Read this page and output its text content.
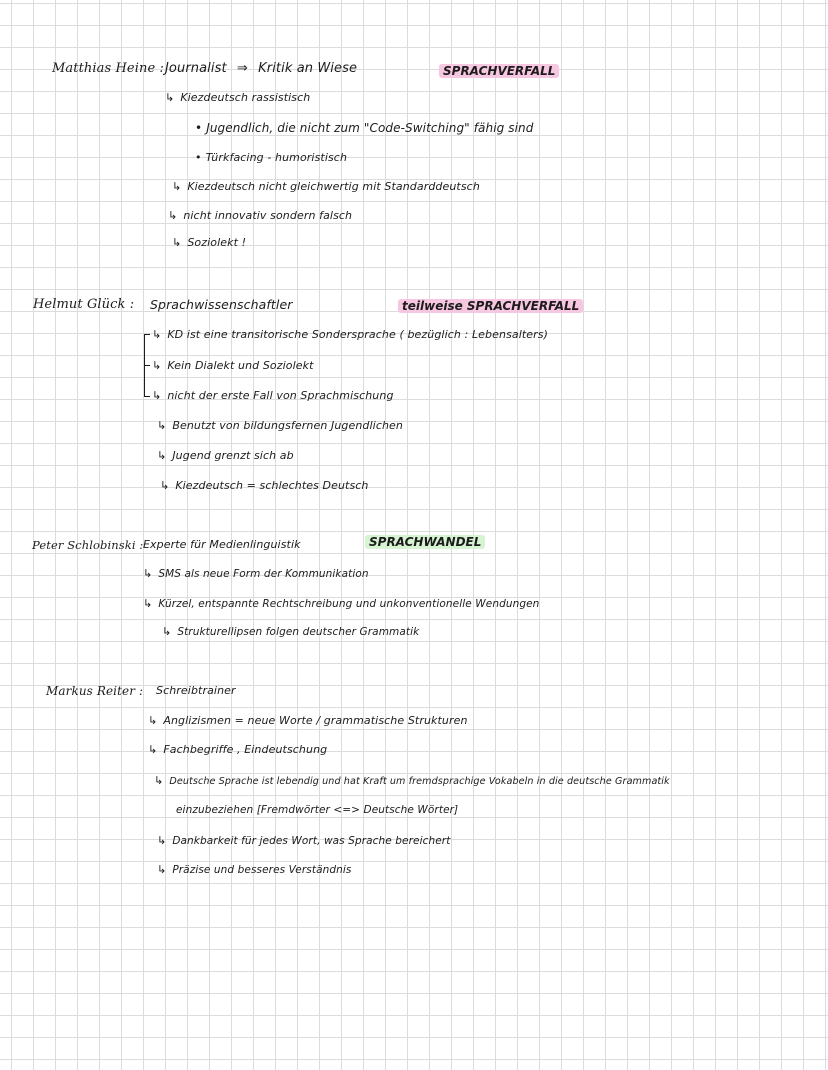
Matthias Heine : Journalist ⇒ Kritik an Wiese	SPRACHVERFALL
↳ Kiezdeutsch rassistisch
• Jugendlich, die nicht zum "Code-Switching" fähig sind
• Türkfacing - humoristisch
↳ Kiezdeutsch nicht gleichwertig mit Standarddeutsch
↳ nicht innovativ sondern falsch
↳ Soziolekt !
Helmut Glück : Sprachwissenschaftler	teilweise SPRACHVERFALL
↳ KD ist eine transitorische Sondersprache ( bezüglich : Lebensalters)
↳ Kein Dialekt und Soziolekt
↳ nicht der erste Fall von Sprachmischung
↳ Benutzt von bildungsfernen Jugendlichen
↳ Jugend grenzt sich ab
↳ Kiezdeutsch = schlechtes Deutsch
Peter Schlobinski : Experte für Medienlinguistik	SPRACHWANDEL
↳ SMS als neue Form der Kommunikation
↳ Kürzel, entspannte Rechtschreibung und unkonventionelle Wendungen
↳ Strukturellipsen folgen deutscher Grammatik
Markus Reiter : Schreibtrainer
↳ Anglizismen = neue Worte / grammatische Strukturen
↳ Fachbegriffe , Eindeutschung
↳ Deutsche Sprache ist lebendig und hat Kraft um fremdsprachige Vokabeln in die deutsche Grammatik
einzubeziehen [Fremdwörter <=> Deutsche Wörter]
↳ Dankbarkeit für jedes Wort, was Sprache bereichert
↳ Präzise und besseres Verständnis
